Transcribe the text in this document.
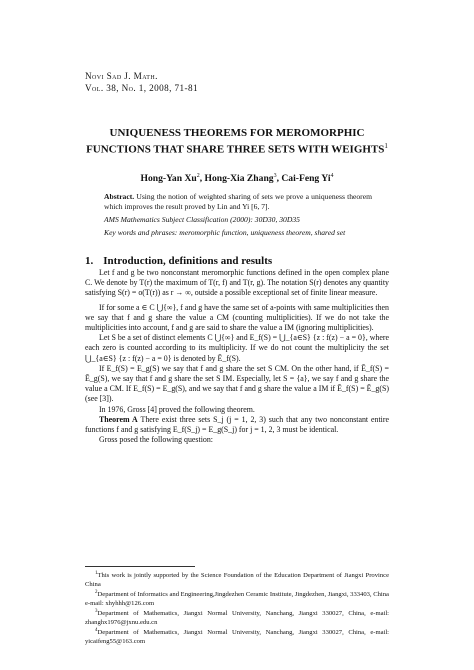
Novi Sad J. Math.
Vol. 38, No. 1, 2008, 71-81
UNIQUENESS THEOREMS FOR MEROMORPHIC FUNCTIONS THAT SHARE THREE SETS WITH WEIGHTS$^1$
Hong-Yan Xu$^2$, Hong-Xia Zhang$^3$, Cai-Feng Yi$^4$

Abstract. Using the notion of weighted sharing of sets we prove a uniqueness theorem which improves the result proved by Lin and Yi [6, 7].

AMS Mathematics Subject Classification (2000): 30D30, 30D35

Key words and phrases: meromorphic function, uniqueness theorem, shared set

1. Introduction, definitions and results

Let f and g be two nonconstant meromorphic functions defined in the open complex plane C. We denote by T(r) the maximum of T(r, f) and T(r, g). The notation S(r) denotes any quantity satisfying S(r) = o(T(r)) as r → ∞, outside a possible exceptional set of finite linear measure.

If for some a ∈ C ⋃{∞}, f and g have the same set of a-points with same multiplicities then we say that f and g share the value a CM (counting multiplicities). If we do not take the multiplicities into account, f and g are said to share the value a IM (ignoring multiplicities).

Let S be a set of distinct elements C ⋃{∞} and E_f(S) = ⋃_{a∈S} {z : f(z) − a = 0}, where each zero is counted according to its multiplicity. If we do not count the multiplicity the set ⋃_{a∈S} {z : f(z) − a = 0} is denoted by Ē_f(S).

If E_f(S) = E_g(S) we say that f and g share the set S CM. On the other hand, if Ē_f(S) = Ē_g(S), we say that f and g share the set S IM. Especially, let S = {a}, we say f and g share the value a CM. If E_f(S) = E_g(S), and we say that f and g share the value a IM if Ē_f(S) = Ē_g(S) (see [3]).

In 1976, Gross [4] proved the following theorem.

Theorem A There exist three sets S_j (j = 1, 2, 3) such that any two nonconstant entire functions f and g satisfying E_f(S_j) = E_g(S_j) for j = 1, 2, 3 must be identical.

Gross posed the following question:

$^1$This work is jointly supported by the Science Foundation of the Education Department of Jiangxi Province China

$^2$Department of Informatics and Engineering,Jingdezhen Ceramic Institute, Jingdezhen, Jiangxi, 333403, China e-mail: xhyhhh@126.com

$^3$Department of Mathematics, Jiangxi Normal University, Nanchang, Jiangxi 330027, China, e-mail: zhanghx1976@jxnu.edu.cn

$^4$Department of Mathematics, Jiangxi Normal University, Nanchang, Jiangxi 330027, China, e-mail: yicaifeng55@163.com
